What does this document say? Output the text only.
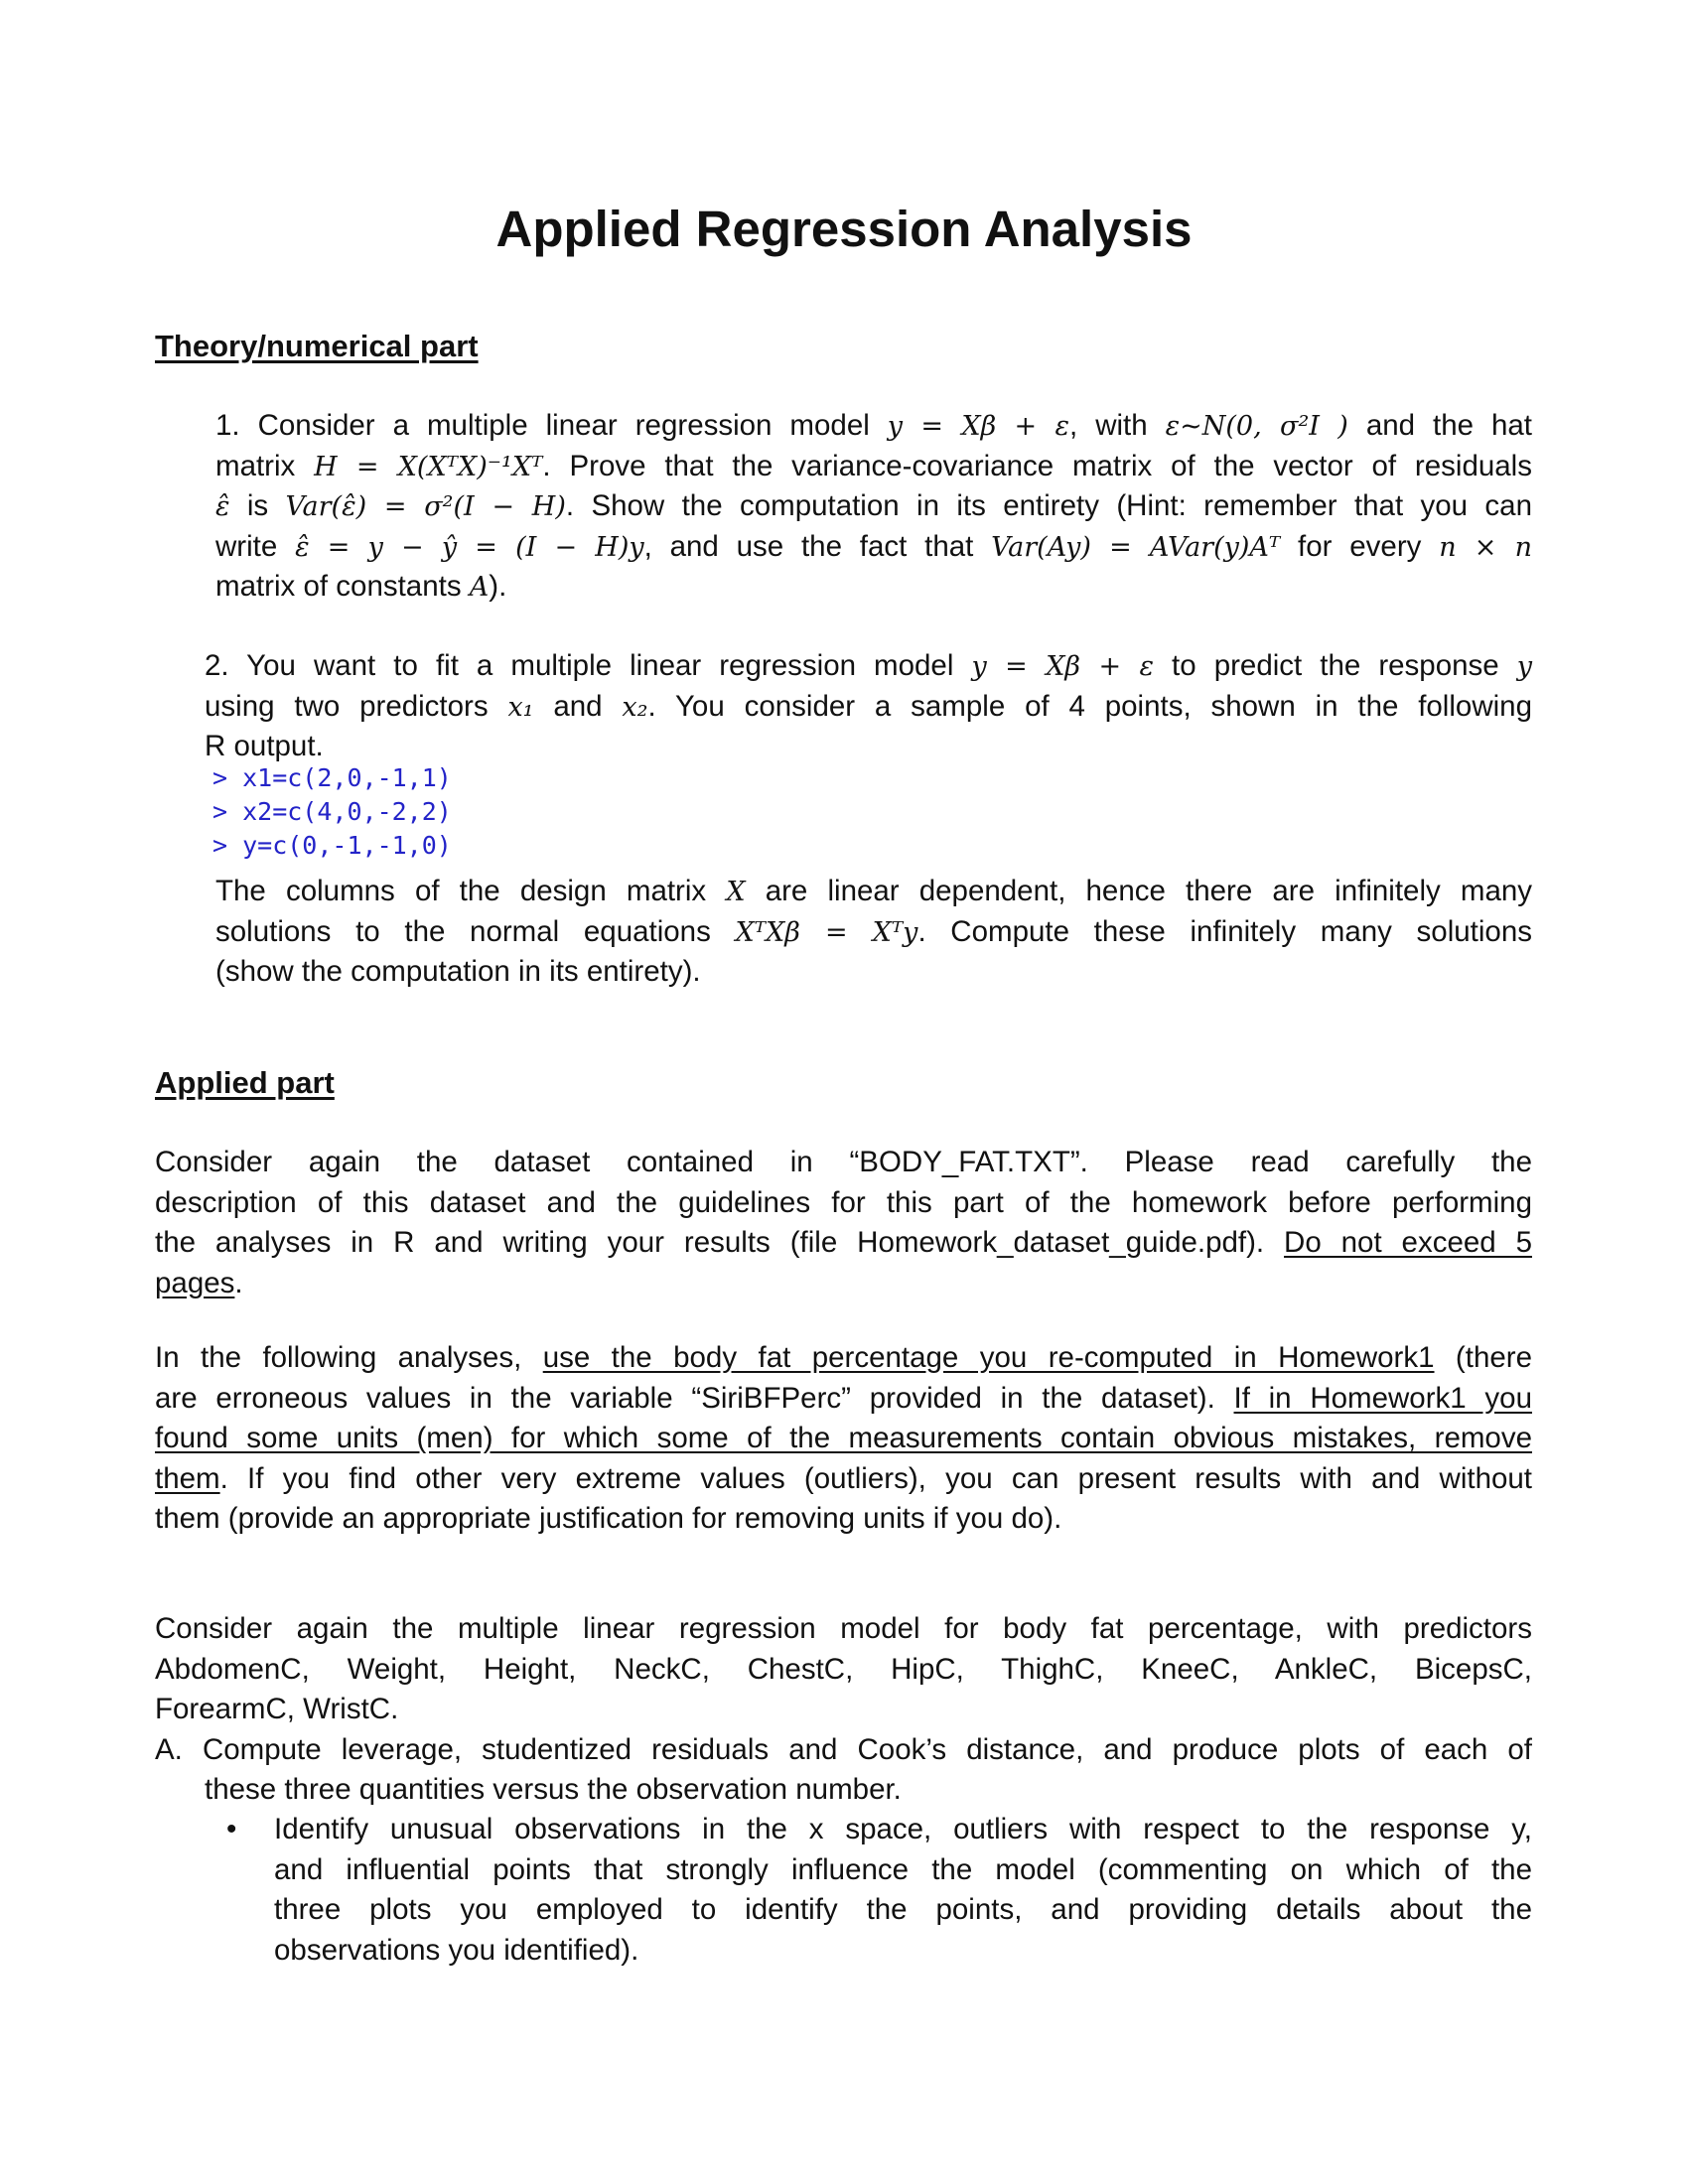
Applied Regression Analysis
Theory/numerical part
1. Consider a multiple linear regression model y = Xβ + ε, with ε~N(0, σ²I ) and the hat
matrix H = X(XᵀX)⁻¹Xᵀ. Prove that the variance-covariance matrix of the vector of residuals
ε̂ is Var(ε̂) = σ²(I − H). Show the computation in its entirety (Hint: remember that you can
write ε̂ = y − ŷ = (I − H)y, and use the fact that Var(Ay) = AVar(y)Aᵀ for every n × n
matrix of constants A).
2. You want to fit a multiple linear regression model y = Xβ + ε to predict the response y
using two predictors x₁ and x₂. You consider a sample of 4 points, shown in the following
R output.
> x1=c(2,0,-1,1)
> x2=c(4,0,-2,2)
> y=c(0,-1,-1,0)
The columns of the design matrix X are linear dependent, hence there are infinitely many
solutions to the normal equations XᵀXβ = Xᵀy. Compute these infinitely many solutions
(show the computation in its entirety).
Applied part
Consider again the dataset contained in “BODY_FAT.TXT”. Please read carefully the
description of this dataset and the guidelines for this part of the homework before performing
the analyses in R and writing your results (file Homework_dataset_guide.pdf). Do not exceed 5
pages.
In the following analyses, use the body fat percentage you re-computed in Homework1 (there
are erroneous values in the variable “SiriBFPerc” provided in the dataset). If in Homework1 you
found some units (men) for which some of the measurements contain obvious mistakes, remove
them. If you find other very extreme values (outliers), you can present results with and without
them (provide an appropriate justification for removing units if you do).
Consider again the multiple linear regression model for body fat percentage, with predictors
AbdomenC, Weight, Height, NeckC, ChestC, HipC, ThighC, KneeC, AnkleC, BicepsC,
ForearmC, WristC.
A. Compute leverage, studentized residuals and Cook’s distance, and produce plots of each of
these three quantities versus the observation number.
• Identify unusual observations in the x space, outliers with respect to the response y,
and influential points that strongly influence the model (commenting on which of the
three plots you employed to identify the points, and providing details about the
observations you identified).
